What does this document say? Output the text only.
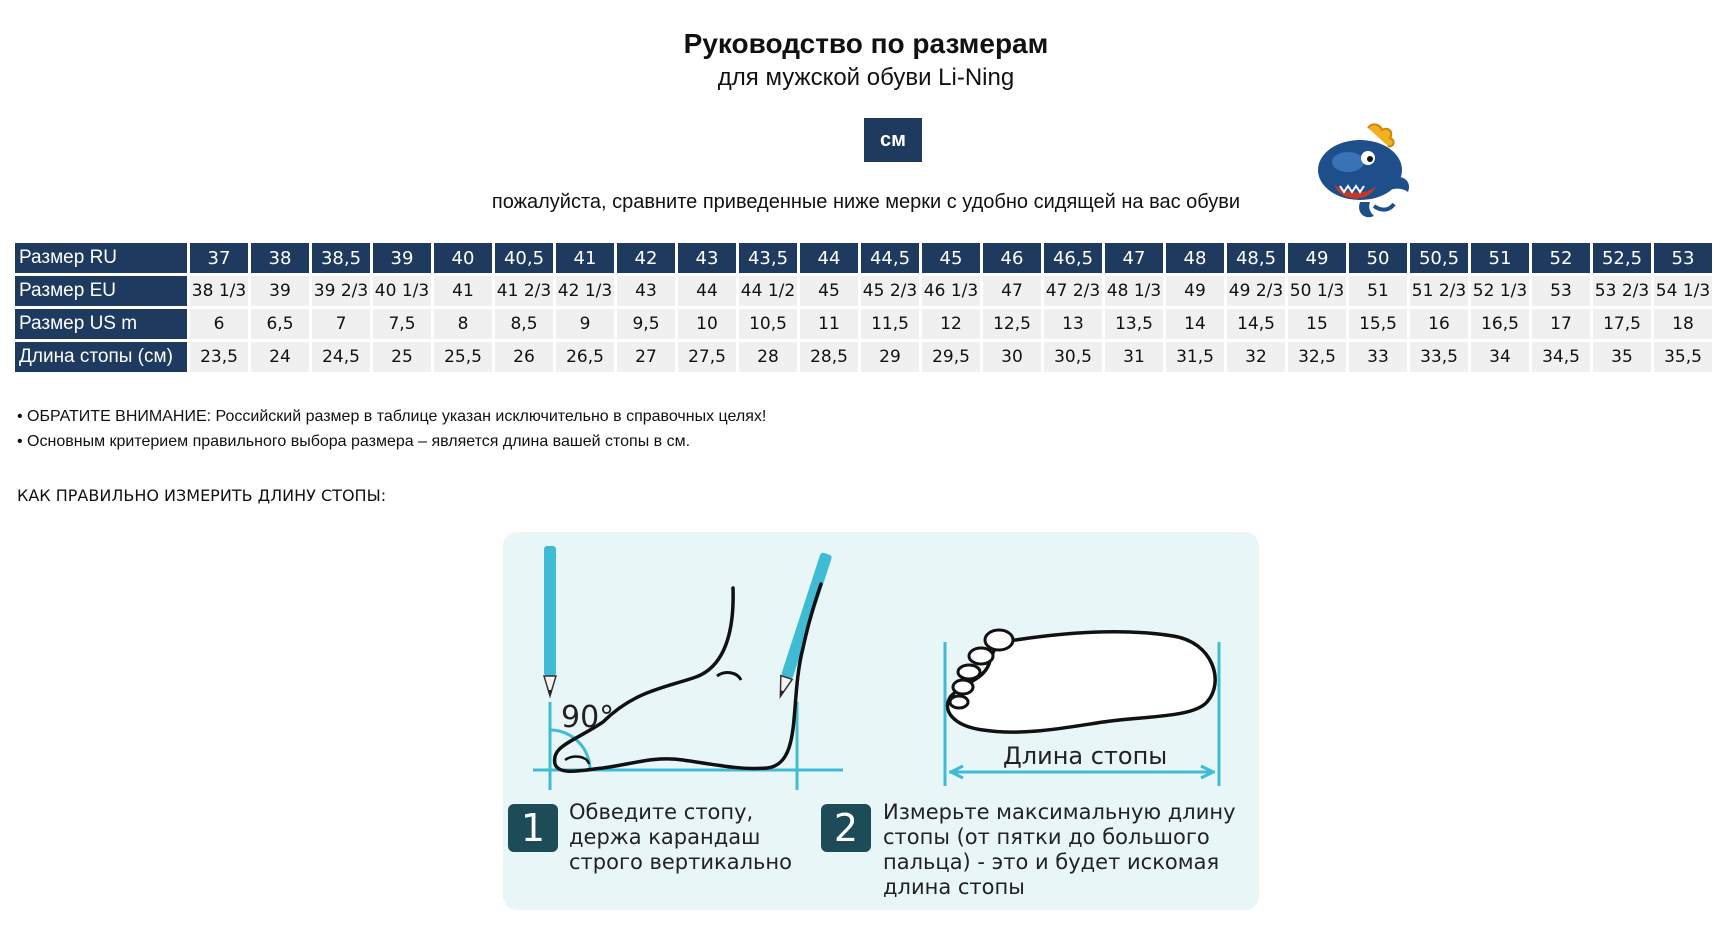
Руководство по размерам
для мужской обуви Li-Ning
см
пожалуйста, сравните приведенные ниже мерки с удобно сидящей на вас обуви
Размер RU	37	38	38,5	39	40	40,5	41	42	43	43,5	44	44,5	45	46	46,5	47	48	48,5	49	50	50,5	51	52	52,5	53
Размер EU	38 1/3	39	39 2/3	40 1/3	41	41 2/3	42 1/3	43	44	44 1/2	45	45 2/3	46 1/3	47	47 2/3	48 1/3	49	49 2/3	50 1/3	51	51 2/3	52 1/3	53	53 2/3	54 1/3
Размер US m	6	6,5	7	7,5	8	8,5	9	9,5	10	10,5	11	11,5	12	12,5	13	13,5	14	14,5	15	15,5	16	16,5	17	17,5	18
Длина стопы (см)	23,5	24	24,5	25	25,5	26	26,5	27	27,5	28	28,5	29	29,5	30	30,5	31	31,5	32	32,5	33	33,5	34	34,5	35	35,5
• ОБРАТИТЕ ВНИМАНИЕ: Российский размер в таблице указан исключительно в справочных целях!
• Основным критерием правильного выбора размера – является длина вашей стопы в см.
КАК ПРАВИЛЬНО ИЗМЕРИТЬ ДЛИНУ СТОПЫ:
90°
Длина стопы
1	Обведите стопу,
держа карандаш
строго вертикально
2	Измерьте максимальную длину
стопы (от пятки до большого
пальца) - это и будет искомая
длина стопы
